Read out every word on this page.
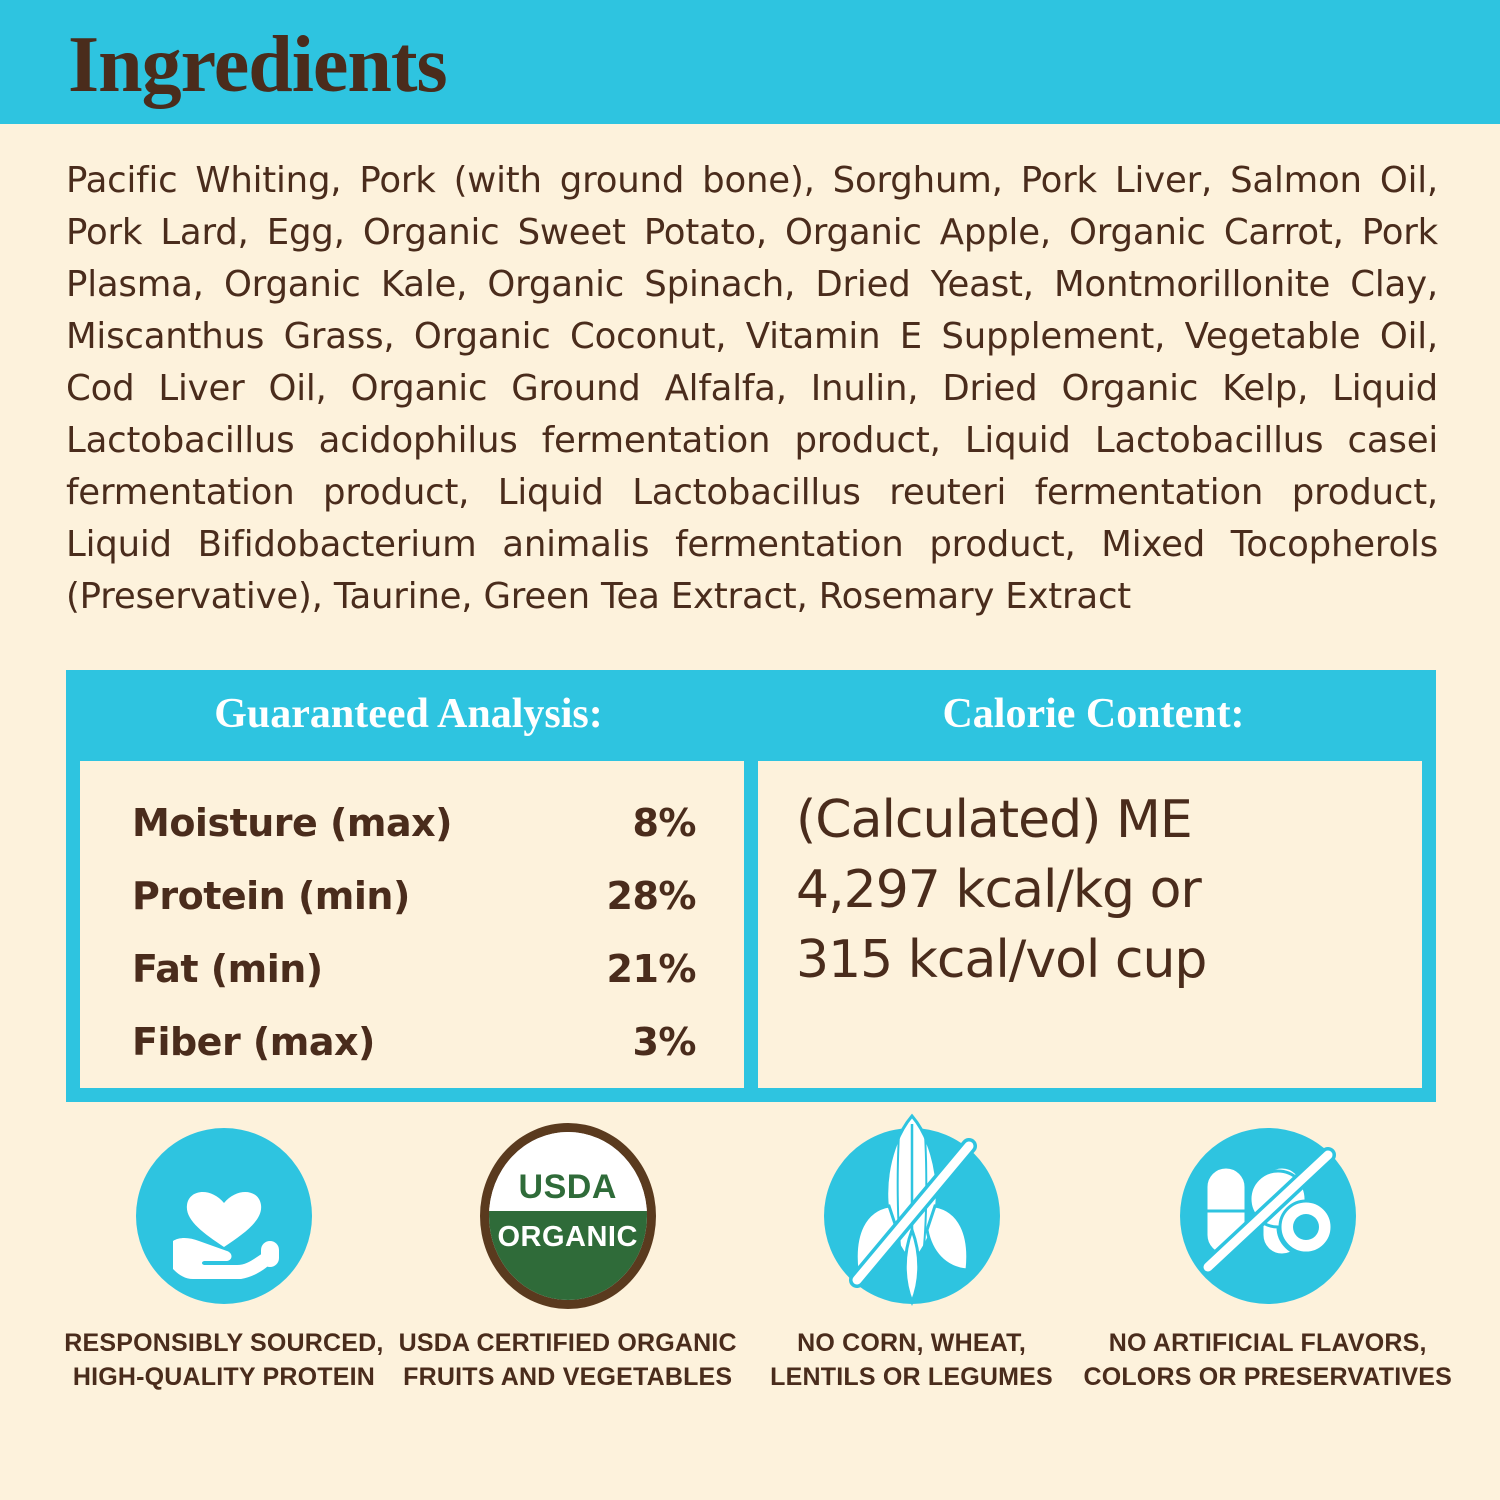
Ingredients
Pacific Whiting, Pork (with ground bone), Sorghum, Pork Liver, Salmon Oil, Pork Lard, Egg, Organic Sweet Potato, Organic Apple, Organic Carrot, Pork Plasma, Organic Kale, Organic Spinach, Dried Yeast, Montmorillonite Clay, Miscanthus Grass, Organic Coconut, Vitamin E Supplement, Vegetable Oil, Cod Liver Oil, Organic Ground Alfalfa, Inulin, Dried Organic Kelp, Liquid Lactobacillus acidophilus fermentation product, Liquid Lactobacillus casei fermentation product, Liquid Lactobacillus reuteri fermentation product, Liquid Bifidobacterium animalis fermentation product, Mixed Tocopherols (Preservative), Taurine, Green Tea Extract, Rosemary Extract
Guaranteed Analysis:
Moisture (max)	8%
Protein (min)	28%
Fat (min)	21%
Fiber (max)	3%
Calorie Content:
(Calculated) ME
4,297 kcal/kg or
315 kcal/vol cup
RESPONSIBLY SOURCED,
HIGH-QUALITY PROTEIN
USDA
ORGANIC
USDA CERTIFIED ORGANIC
FRUITS AND VEGETABLES
NO CORN, WHEAT,
LENTILS OR LEGUMES
NO ARTIFICIAL FLAVORS,
COLORS OR PRESERVATIVES
